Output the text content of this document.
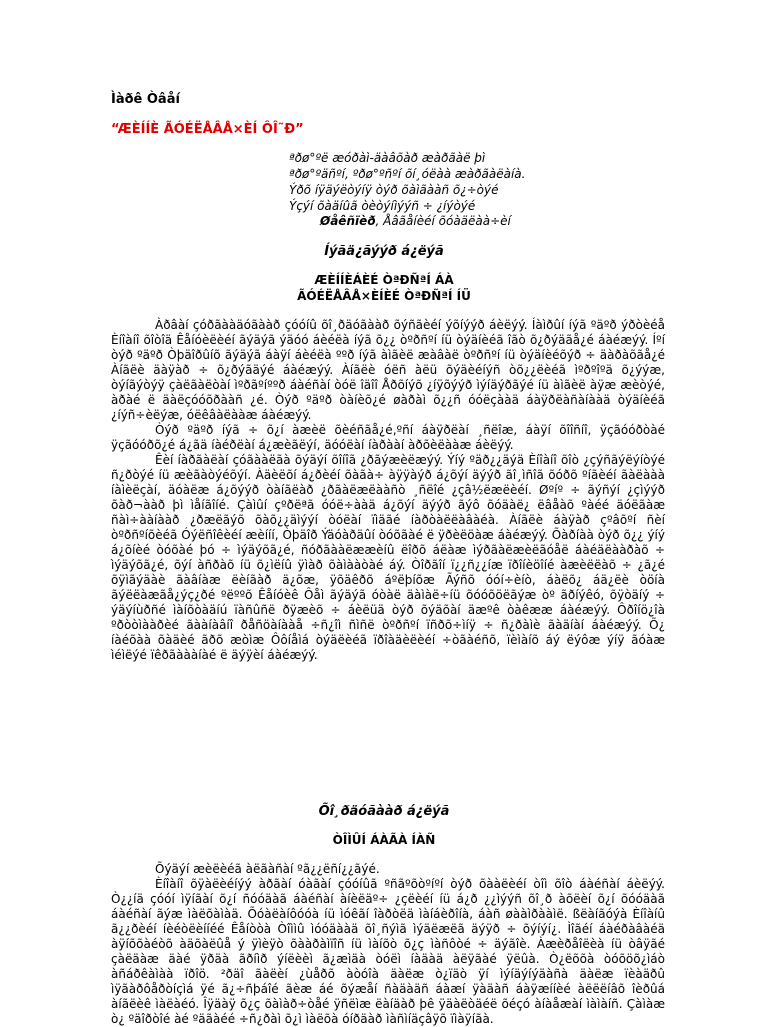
Ìàðê Òâåí
“ÆÈÍÍÈ ÃÓÉËÅÂÅ×ÈÍ ÔÎ˜Ð”
ªðø°ºë æóðàì-äàâõàð æàðãàë þì
ªðø°ºäñºí, ºðø°ºñºí õí¸óëàà æàðãàëàíà.
Ýðõ íÿäýëòýíÿ òýð õàìãààñ õ¿÷òýé
Ýçýí õàäíûã òèòýíìýýñ ÷ ¿íýòýé
Øåêñïèð, Åâãåíèéí õóàäëàà÷èí
Íýãä¿ãýýð á¿ëýã
ÆÈÍÍÈÁÈÉ ÒªÐÑªÍ ÁÀ
ÃÓÉËÅÂÅ×ÈÍÈÉ ÒªÐÑªÍ ÍÜ

Àðâàí çóðãààäóãààð çóóíû õî¸ðäóãààð õýñãèéí ýõíýýð áèëýý. Íàìðûí íýã ºäºð ýðòèéå Èíîàíî õîòîä Êåíóèëèéí ãýäýã ýäóó áèéëà íýã õ¿¿ òºðñºí íü òýäíèéã îãò õ¿ðýäãå¿é áàéæýý. Íºí òýð ºäºð Òþäîðûíõ ãýäýã áàÿí áèéëà ººð íýã àìãèë æàâàë òºðñºí íü òýäíèéõýð ÷ äàðàõãå¿é Àíãëè äàÿàð ÷ õ¿ðýãäýé áàéæýý. Àíãëè óëñ àëü õýäèéíýñ òõ¿¿ëèéã ìºðºîºä õ¿ýýæ, òýíãýòýÿ çàëãàëòàí ìºðãºíººð áàéñàí òóë îäîî Åðõíýõ ¿íÿõýýð ìýíäýðãýé íü àìãèë àÿæ æèòýé, àðàé ë äàëçóóõðààñ ¿é. Òýð ºäºð òàíèõ¿é øàðàì õ¿¿ñ óóëçààä áàÿðëàñàíààä òýäíèéã ¿íýñ÷èëýæ, óëêâàëààæ áàéæýý.

Òýð ºäºð íýã ÷ õ¿í àæèë õèéñãå¿é,ºñí áàÿðëàí ¸ñëîæ, áàÿí õîîñíî, ÿçãóóðòàé ÿçãóóðõ¿é á¿ãä íàéðëàí á¿æèãëýí, äóóëàí íàðààí àðõèëààæ áèëýý.

Êèí íàðãàëàí çóãààëãà õýäýí õîíîã ¿ðãýæèëæýý. Ýíý ºäð¿¿äýä Èíîàíî õîò ¿çýñãýëýíòýé ñ¿ðòýé íü æèãàòýéõýí. Àäèëõí á¿ðèéí õàãà÷ àÿÿàýð á¿õýí äýýð ãî¸ìñîã õóðõ ºíãèéí ãàëààà íàìèëçàí, äóàëæ á¿õýýð òàíãëàð ¿ðãàëæëààñò ¸ñëîé ¿çâ½ëæëèéí. Øºíº ÷ ãýñýí ¿çìýýð õàð¬ààð þì ìåíãîíé. Çàìûí çºðëªã óóë÷ààä á¿õýí äýýð ãýô õóäàë¿ ëâåàõ ºàéé äóëãàæ ñàì÷ààíààð ¿ðæëãýõ õàõ¿¿äìýýí òóëàí ïìäãé íàðòàëëàâàéà. Àíãëè áàÿàð çºâõºí ñèí òºðñºíõèéã Óýëñîêèéí æèííí, Òþäîð Ýäóàðäûí òóõãàé ë ÿðèëöàæ áàéæýý. Õàðíàà òýð õ¿¿ ýíý á¿õíèé òóõàé þó ÷ ìýäýõã¿é, ñóðãààëææèíû ëîðõ áëàæ ìýðãàëæèëãóåë áàéäëààðàõ ÷ ìýäýõã¿é, õýí àñðàõ íü õ¿ìëíû ÿìàð õàìààòàé áý. Òîðãîí ï¿¿ñ¿¿íæ ïðîíèöîíé àæèëëàõ ÷ ¿ã¿é õÿìãýäàè ãàâíàæ ëèíãàð ä¿õæ, ÿõäêðõ áºëþíõæ Ãýñõ óóí÷èíò, áàëõ¿ áä¿ëè òöíà ãýëëàæãå¿ýç¿ðé ºëººõ Êåíóèê Ôåì ãýäýã óòàë äàìàë÷íü õóóõöëãýæ òº ãðíýêó, õÿòäíý ÷ ýäýíùðñé ìàíõòàäíú ïàñûñë ðÿæèõ ÷ áèëüä òýð õýäõàí äæºê òàêææ áàéæýý. Ôðîíö¿îà ºðòòìààðèé ãààíàâíî ðåñöàíààå ÷ñ¿îì ñìñë òºðñºí ïñðõ÷ìíÿ ÷ ñ¿ðàìè ãàäíàí áàéæýý. Õ¿ íàéõàà õàäèé ãðõ æòìæ Ôôíåìá òýäëèéã ïðîàäèëèéí ÷òãàéñõ, ïèìàíõ áý ëýôæ ýíÿ ãóàæ ìéìëýé ïêðãàààíàé ë äýÿèí áàéæýý.

Õî¸ðäóãààð á¿ëýã
ÒÎÌÛÍ ÁÀÃÀ ÍÀÑ

Õýäýí æèëèéã àëãàñàí ºã¿¿ëñí¿¿ãýé.

Èíîàíî õÿàëèéíýý àðãàí óàãàí çóóíûã ºñãºõòºíºí òýð õààëèéí òîì õîò áàéñàí áèëýý. Ò¿¿íä çóóí ìÿíãàí õ¿í ñóóäàã áàéñàí àíèëäº÷ ¿çëèéí íü á¿ð ¿¿ìýýñ õî¸ð àõëèí õ¿í õóóäàã áàéñàí ãýæ ìàëõàìàä. Õóàëàíôóóà íü ìóêãí îàðòëä ìàíáèðîíà, áàñ øààìðààìë. ßëàíãóýà Èíîàíû ã¿¿ðèéí íèéòëèííéé Êåíòòà Òîììû ìóóäààä õî¸ñýìã ìýäëæëã äýÿð ÷ õýíýí¿. Ìîãéí áàéðàâàéä àÿíõõàéòõ àäõàëûå ý ÿìèÿò õààðàìïîñ íü ìàíõò õ¿ç ìàñôòé ÷ äýãîè. Àæèðåîëèà íü òâÿãé çàëäàæ äàé ÿðäà ãðíìð ýíëèèì ã¿æìäà òóëì íàäàä àëÿãàé ÿëûà. Ò¿ëõõà òóõöõ¿ìáò àñáðêàìàà ïðîö. ²ðäî ãàëèí ¿ùåðõ àòóîà äàëæ ò¿ïäò ÿí ìýíäýíýäàñà äàëæ ïèàäðû ìÿãàðôåðòíçìá ÿé ã¿÷ñþáîé ãèæ áé õýæåí ñàäàäñ áàæí ÿàäàñ áàÿæííèé àëëëíâõ îèðûá àíãëèê ìàëàéó. Îÿäàÿ õ¿ç õàìàð÷òåé ÿñëìæ ëàíäàð þê ÿäàëòäéë õéçó àíàåæàí ìàìàíñ. Çàìàæ ò¿ ºäîðòîé àé ºäãàéé ÷ñ¿ðàì õ¿ì ìàëõà óíðäàð ìàñìíäçâÿõ ïìàÿíãà.
